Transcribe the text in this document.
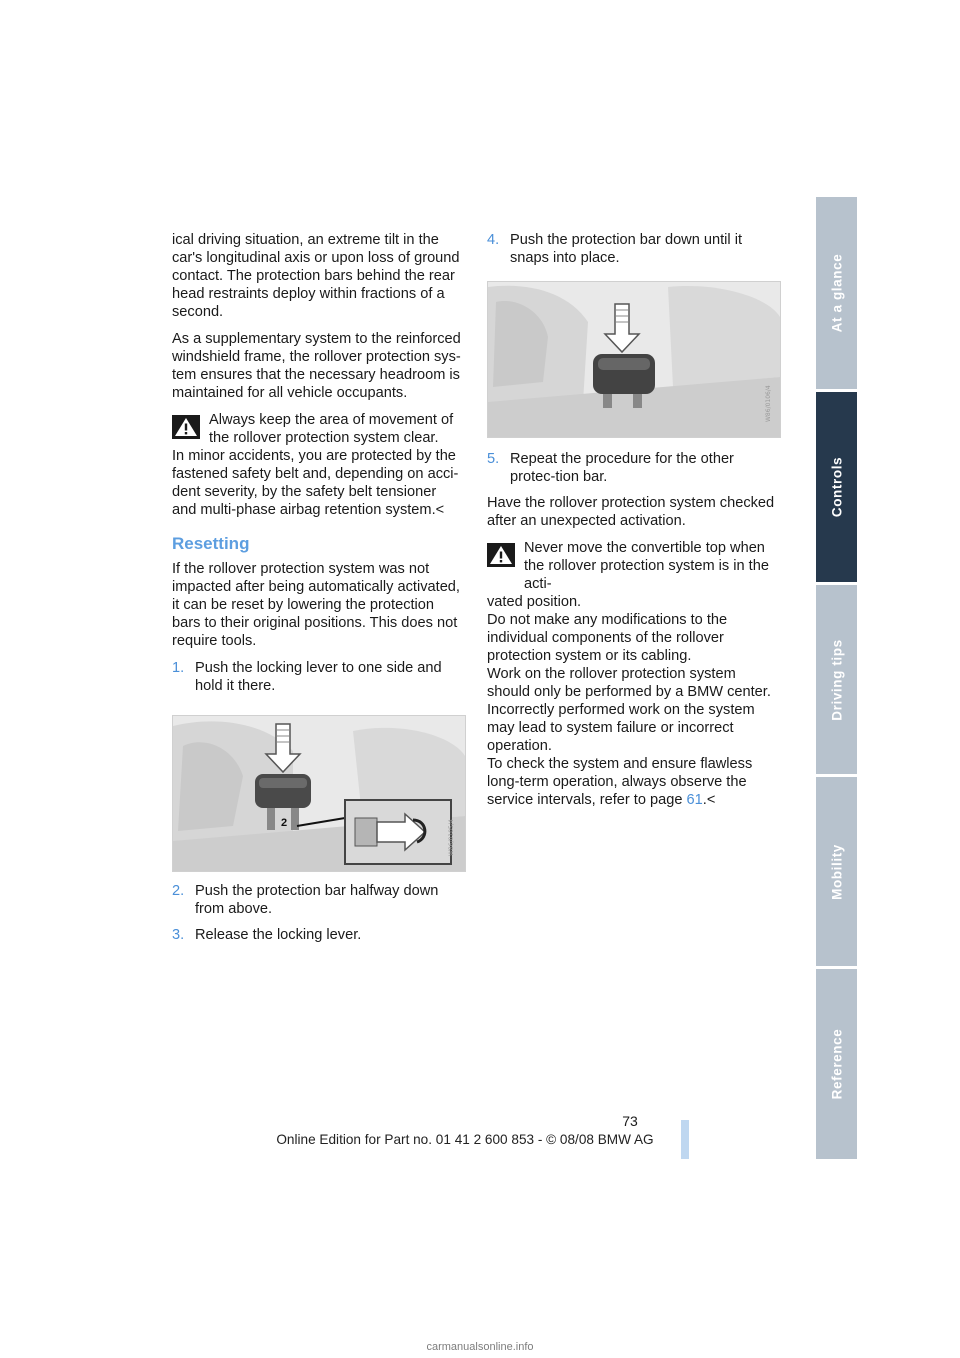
ical driving situation, an extreme tilt in the car's longitudinal axis or upon loss of ground contact. The protection bars behind the rear head restraints deploy within fractions of a second.

As a supplementary system to the reinforced windshield frame, the rollover protection sys-tem ensures that the necessary headroom is maintained for all vehicle occupants.

Always keep the area of movement of the rollover protection system clear.
In minor accidents, you are protected by the fastened safety belt and, depending on acci-dent severity, by the safety belt tensioner and multi-phase airbag retention system.<
Resetting

If the rollover protection system was not impacted after being automatically activated, it can be reset by lowering the protection bars to their original positions. This does not require tools.

1. Push the locking lever to one side and hold it there.
W86/0105/4
2
2. Push the protection bar halfway down from above.
3. Release the locking lever.
4. Push the protection bar down until it snaps into place.
W86/0106/4
5. Repeat the procedure for the other protec-tion bar.

Have the rollover protection system checked after an unexpected activation.

Never move the convertible top when the rollover protection system is in the acti-
vated position.
Do not make any modifications to the individual components of the rollover protection system or its cabling.
Work on the rollover protection system should only be performed by a BMW center.
Incorrectly performed work on the system may lead to system failure or incorrect operation.
To check the system and ensure flawless long-term operation, always observe the service intervals, refer to page 61.<
At a glance
Controls
Driving tips
Mobility
Reference
73
Online Edition for Part no. 01 41 2 600 853 - © 08/08 BMW AG
carmanualsonline.info
